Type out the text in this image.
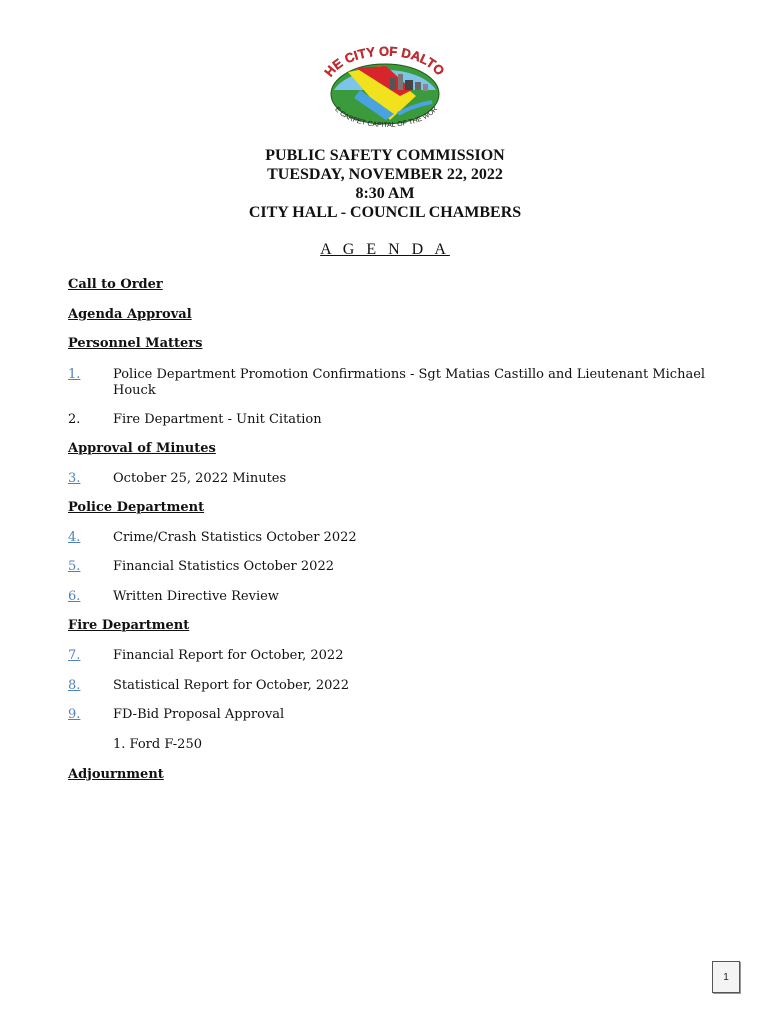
HE CITY OF DALTO
E CARPET CAPITAL OF THE WOR
PUBLIC SAFETY COMMISSION
TUESDAY, NOVEMBER 22, 2022
8:30 AM
CITY HALL - COUNCIL CHAMBERS
A G E N D A
Call to Order
Agenda Approval
Personnel Matters
1.	Police Department Promotion Confirmations - Sgt Matias Castillo and Lieutenant Michael Houck
2.	Fire Department - Unit Citation
Approval of Minutes
3.	October 25, 2022 Minutes
Police Department
4.	Crime/Crash Statistics October 2022
5.	Financial Statistics October 2022
6.	Written Directive Review
Fire Department
7.	Financial Report for October, 2022
8.	Statistical Report for October, 2022
9.	FD-Bid Proposal Approval
1. Ford F-250
Adjournment
1
